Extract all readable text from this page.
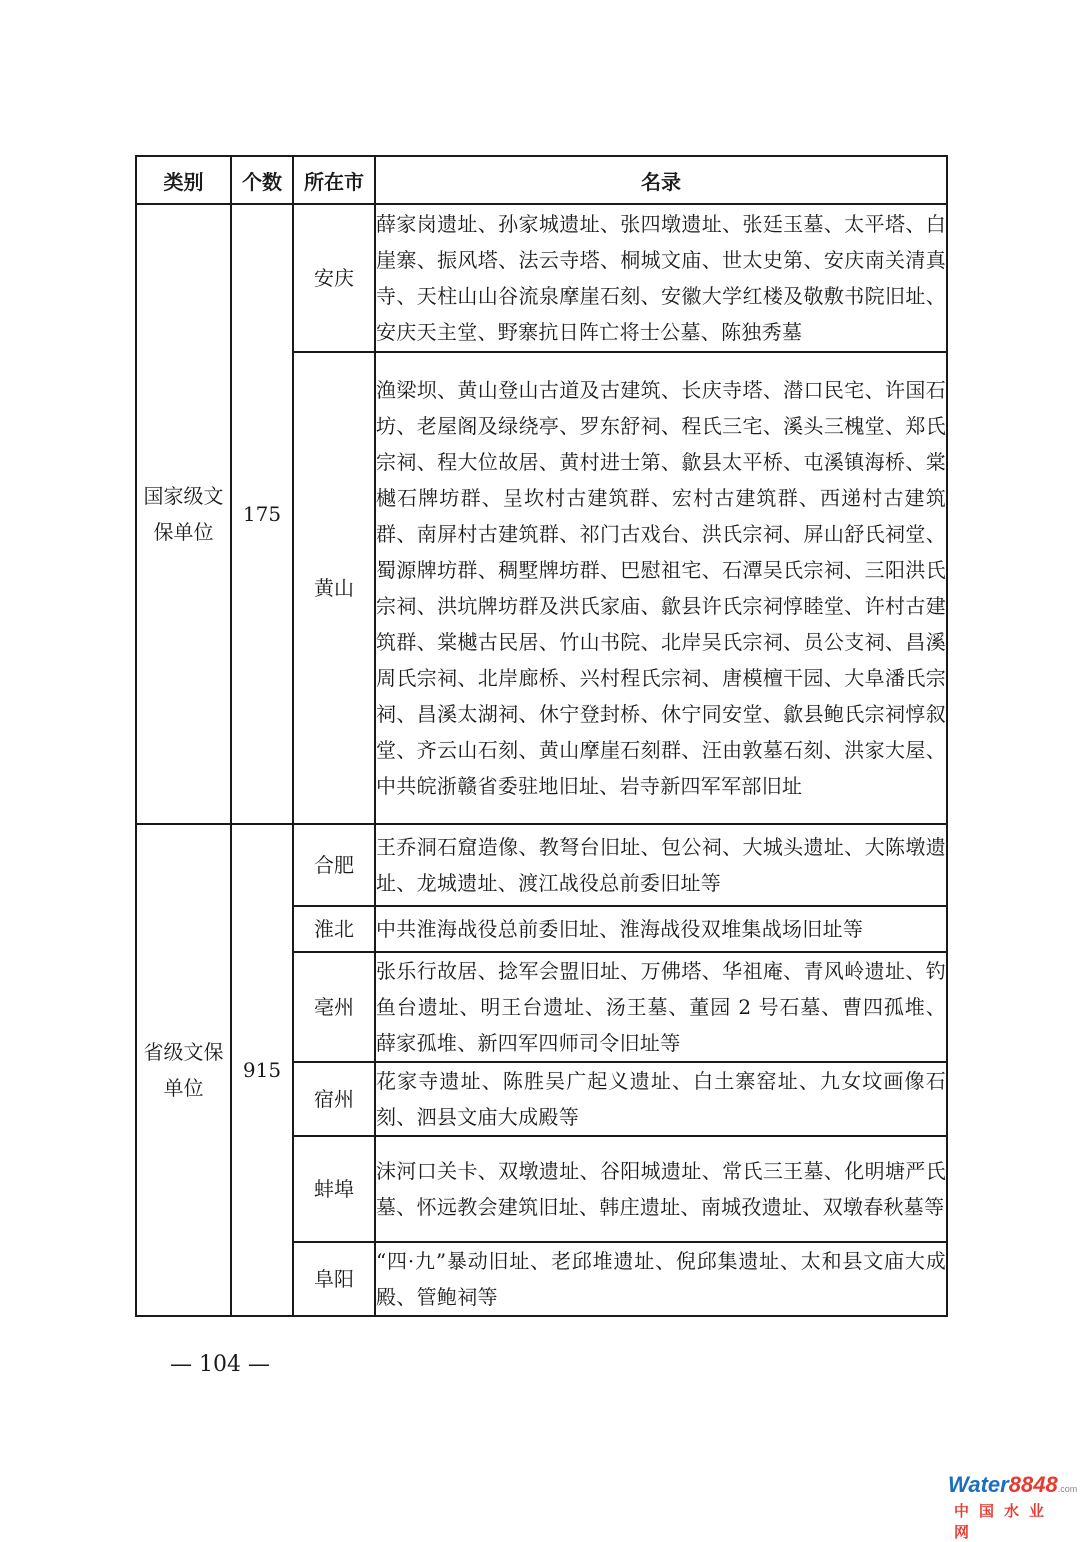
类别	个数	所在市	名录
国家级文保单位	175	安庆	薛家岗遗址、孙家城遗址、张四墩遗址、张廷玉墓、太平塔、白崖寨、振风塔、法云寺塔、桐城文庙、世太史第、安庆南关清真寺、天柱山山谷流泉摩崖石刻、安徽大学红楼及敬敷书院旧址、安庆天主堂、野寨抗日阵亡将士公墓、陈独秀墓
		黄山	渔梁坝、黄山登山古道及古建筑、长庆寺塔、潜口民宅、许国石坊、老屋阁及绿绕亭、罗东舒祠、程氏三宅、溪头三槐堂、郑氏宗祠、程大位故居、黄村进士第、歙县太平桥、屯溪镇海桥、棠樾石牌坊群、呈坎村古建筑群、宏村古建筑群、西递村古建筑群、南屏村古建筑群、祁门古戏台、洪氏宗祠、屏山舒氏祠堂、蜀源牌坊群、稠墅牌坊群、巴慰祖宅、石潭吴氏宗祠、三阳洪氏宗祠、洪坑牌坊群及洪氏家庙、歙县许氏宗祠惇睦堂、许村古建筑群、棠樾古民居、竹山书院、北岸吴氏宗祠、员公支祠、昌溪周氏宗祠、北岸廊桥、兴村程氏宗祠、唐模檀干园、大阜潘氏宗祠、昌溪太湖祠、休宁登封桥、休宁同安堂、歙县鲍氏宗祠惇叙堂、齐云山石刻、黄山摩崖石刻群、汪由敦墓石刻、洪家大屋、中共皖浙赣省委驻地旧址、岩寺新四军军部旧址
省级文保单位	915	合肥	王乔洞石窟造像、教弩台旧址、包公祠、大城头遗址、大陈墩遗址、龙城遗址、渡江战役总前委旧址等
		淮北	中共淮海战役总前委旧址、淮海战役双堆集战场旧址等
		亳州	张乐行故居、捻军会盟旧址、万佛塔、华祖庵、青风岭遗址、钓鱼台遗址、明王台遗址、汤王墓、董园 2 号石墓、曹四孤堆、薛家孤堆、新四军四师司令旧址等
		宿州	花家寺遗址、陈胜吴广起义遗址、白土寨窑址、九女坟画像石刻、泗县文庙大成殿等
		蚌埠	沫河口关卡、双墩遗址、谷阳城遗址、常氏三王墓、化明塘严氏墓、怀远教会建筑旧址、韩庄遗址、南城孜遗址、双墩春秋墓等
		阜阳	“四·九”暴动旧址、老邱堆遗址、倪邱集遗址、太和县文庙大成殿、管鲍祠等
— 104 —
Water8848.com
中国水业网
